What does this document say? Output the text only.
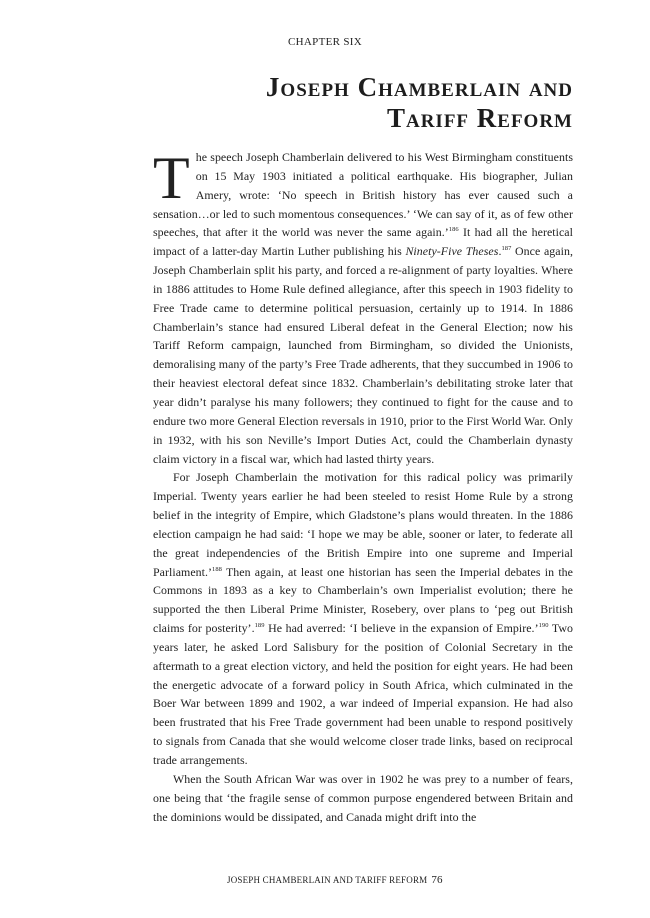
CHAPTER SIX
Joseph Chamberlain and
Tariff Reform

The speech Joseph Chamberlain delivered to his West Birmingham constituents on 15 May 1903 initiated a political earthquake. His biographer, Julian Amery, wrote: ‘No speech in British history has ever caused such a sensation…or led to such momentous consequences.’ ‘We can say of it, as of few other speeches, that after it the world was never the same again.’$^{186}$ It had all the heretical impact of a latter-day Martin Luther publishing his Ninety-Five Theses.$^{187}$ Once again, Joseph Chamberlain split his party, and forced a re-alignment of party loyalties. Where in 1886 attitudes to Home Rule defined allegiance, after this speech in 1903 fidelity to Free Trade came to determine political persuasion, certainly up to 1914. In 1886 Chamberlain’s stance had ensured Liberal defeat in the General Election; now his Tariff Reform campaign, launched from Birmingham, so divided the Unionists, demoralising many of the party’s Free Trade adherents, that they succumbed in 1906 to their heaviest electoral defeat since 1832. Chamberlain’s debilitating stroke later that year didn’t paralyse his many followers; they continued to fight for the cause and to endure two more General Election reversals in 1910, prior to the First World War. Only in 1932, with his son Neville’s Import Duties Act, could the Chamberlain dynasty claim victory in a fiscal war, which had lasted thirty years.

For Joseph Chamberlain the motivation for this radical policy was primarily Imperial. Twenty years earlier he had been steeled to resist Home Rule by a strong belief in the integrity of Empire, which Gladstone’s plans would threaten. In the 1886 election campaign he had said: ‘I hope we may be able, sooner or later, to federate all the great independencies of the British Empire into one supreme and Imperial Parliament.’$^{188}$ Then again, at least one historian has seen the Imperial debates in the Commons in 1893 as a key to Chamberlain’s own Imperialist evolution; there he supported the then Liberal Prime Minister, Rosebery, over plans to ‘peg out British claims for posterity’.$^{189}$ He had averred: ‘I believe in the expansion of Empire.’$^{190}$ Two years later, he asked Lord Salisbury for the position of Colonial Secretary in the aftermath to a great election victory, and held the position for eight years. He had been the energetic advocate of a forward policy in South Africa, which culminated in the Boer War between 1899 and 1902, a war indeed of Imperial expansion. He had also been frustrated that his Free Trade government had been unable to respond positively to signals from Canada that she would welcome closer trade links, based on reciprocal trade arrangements.

When the South African War was over in 1902 he was prey to a number of fears, one being that ‘the fragile sense of common purpose engendered between Britain and the dominions would be dissipated, and Canada might drift into the

JOSEPH CHAMBERLAIN AND TARIFF REFORM 76
